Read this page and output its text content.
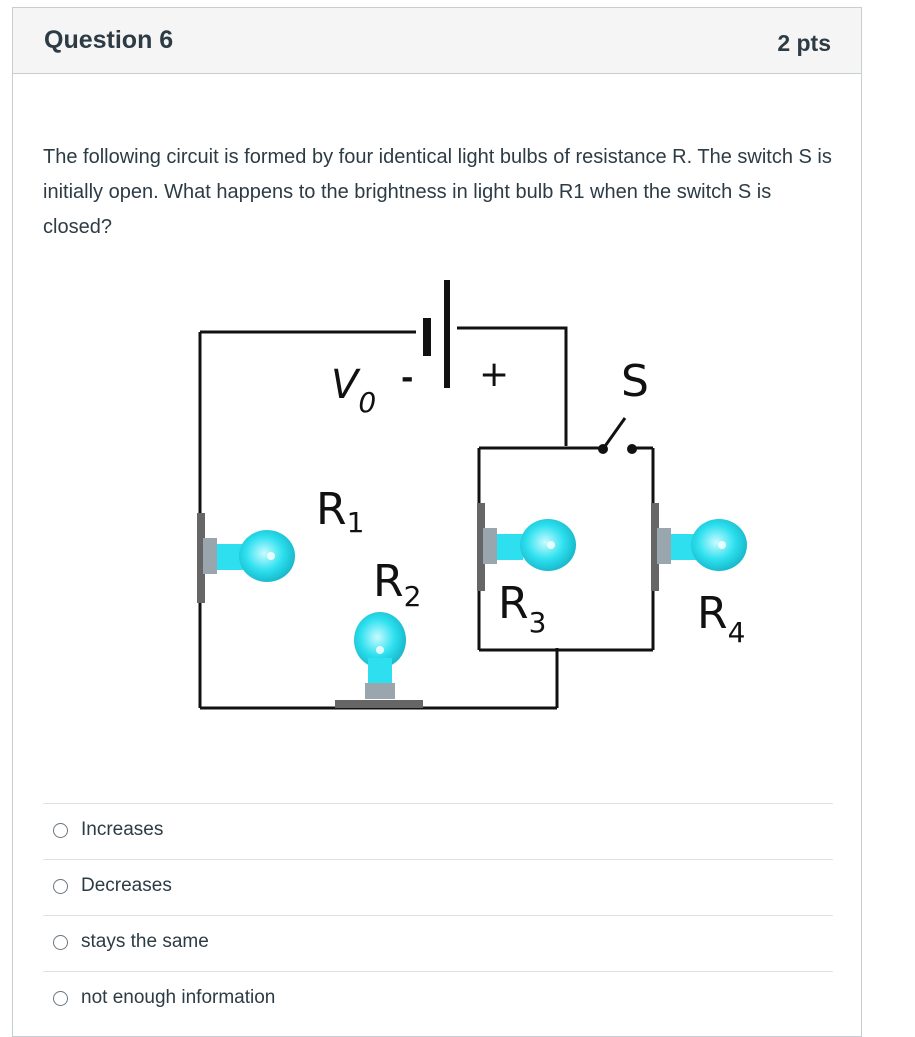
Question 6	2 pts
The following circuit is formed by four identical light bulbs of resistance R. The switch S is initially open. What happens to the brightness in light bulb R1 when the switch S is closed?
$V_0$
- +	S
R1
$R_2$ $R_3$	$R_4$
Increases
Decreases
stays the same
not enough information
